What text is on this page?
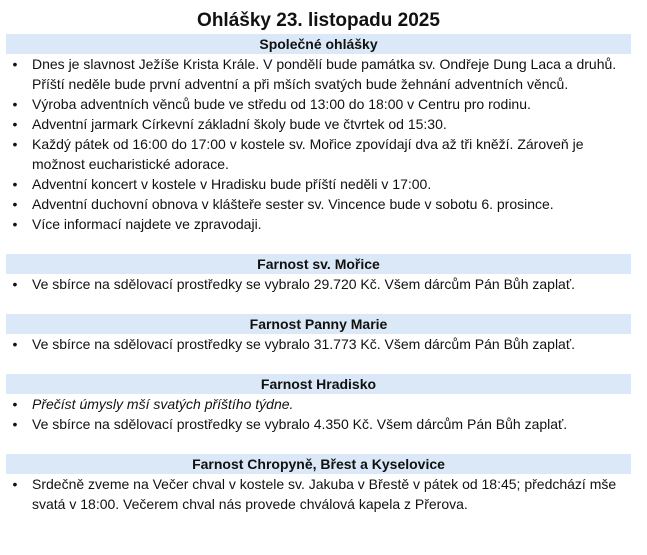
Ohlášky 23. listopadu 2025
Společné ohlášky
• Dnes je slavnost Ježíše Krista Krále. V pondělí bude památka sv. Ondřeje Dung Laca a druhů. Příští neděle bude první adventní a při mších svatých bude žehnání adventních věnců.
• Výroba adventních věnců bude ve středu od 13:00 do 18:00 v Centru pro rodinu.
• Adventní jarmark Církevní základní školy bude ve čtvrtek od 15:30.
• Každý pátek od 16:00 do 17:00 v kostele sv. Mořice zpovídají dva až tři kněží. Zároveň je možnost eucharistické adorace.
• Adventní koncert v kostele v Hradisku bude příští neděli v 17:00.
• Adventní duchovní obnova v klášteře sester sv. Vincence bude v sobotu 6. prosince.
• Více informací najdete ve zpravodaji.
Farnost sv. Mořice
• Ve sbírce na sdělovací prostředky se vybralo 29.720 Kč. Všem dárcům Pán Bůh zaplať.
Farnost Panny Marie
• Ve sbírce na sdělovací prostředky se vybralo 31.773 Kč. Všem dárcům Pán Bůh zaplať.
Farnost Hradisko
• Přečíst úmysly mší svatých příštího týdne.
• Ve sbírce na sdělovací prostředky se vybralo 4.350 Kč. Všem dárcům Pán Bůh zaplať.
Farnost Chropyně, Břest a Kyselovice
• Srdečně zveme na Večer chval v kostele sv. Jakuba v Břestě v pátek od 18:45; předchází mše svatá v 18:00. Večerem chval nás provede chválová kapela z Přerova.
